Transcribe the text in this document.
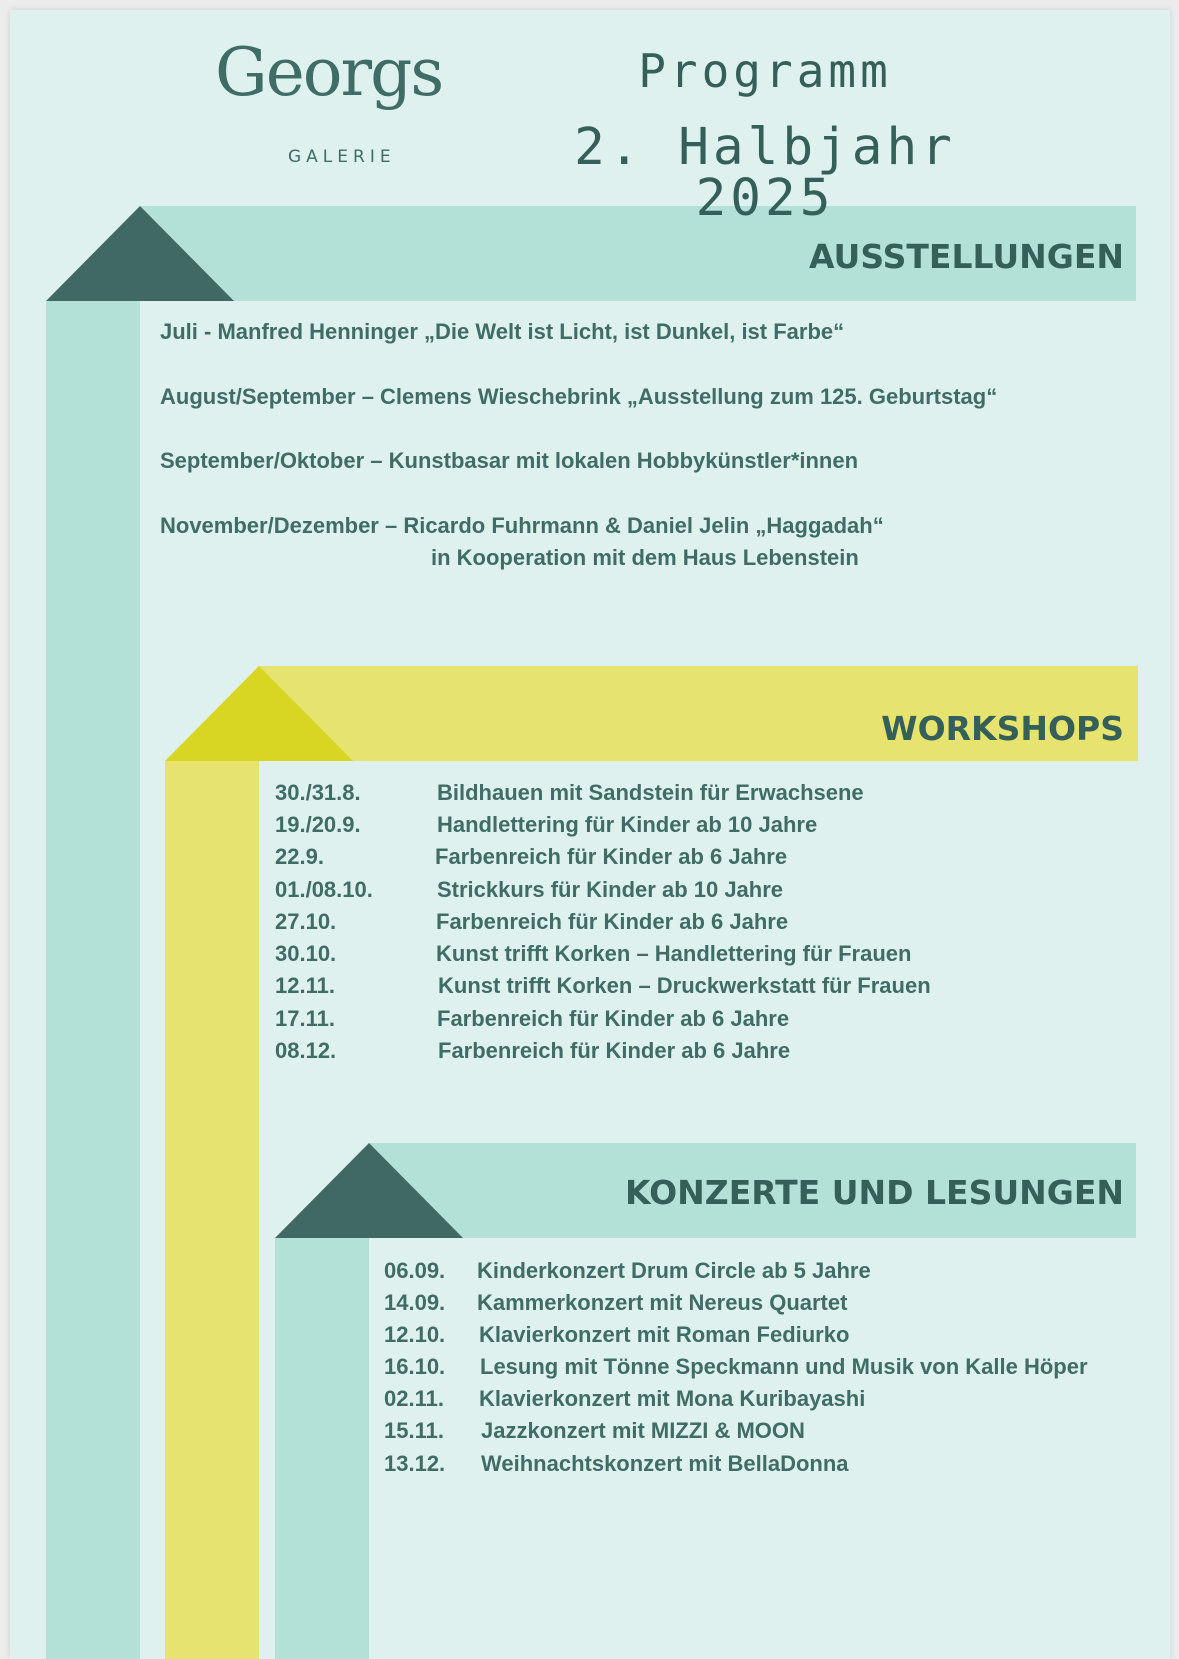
Georgs
GALERIE
Programm
2. Halbjahr 2025
AUSSTELLUNGEN
Juli - Manfred Henninger „Die Welt ist Licht, ist Dunkel, ist Farbe“
August/September – Clemens Wieschebrink „Ausstellung zum 125. Geburtstag“
September/Oktober – Kunstbasar mit lokalen Hobbykünstler*innen
November/Dezember – Ricardo Fuhrmann & Daniel Jelin „Haggadah“
in Kooperation mit dem Haus Lebenstein
WORKSHOPS
30./31.8.	Bildhauen mit Sandstein für Erwachsene
19./20.9.	Handlettering für Kinder ab 10 Jahre
22.9.	Farbenreich für Kinder ab 6 Jahre
01./08.10.	Strickkurs für Kinder ab 10 Jahre
27.10.	Farbenreich für Kinder ab 6 Jahre
30.10.	Kunst trifft Korken – Handlettering für Frauen
12.11.	Kunst trifft Korken – Druckwerkstatt für Frauen
17.11.	Farbenreich für Kinder ab 6 Jahre
08.12.	Farbenreich für Kinder ab 6 Jahre
KONZERTE UND LESUNGEN
06.09. Kinderkonzert Drum Circle ab 5 Jahre
14.09. Kammerkonzert mit Nereus Quartet
12.10. Klavierkonzert mit Roman Fediurko
16.10. Lesung mit Tönne Speckmann und Musik von Kalle Höper
02.11. Klavierkonzert mit Mona Kuribayashi
15.11. Jazzkonzert mit MIZZI & MOON
13.12. Weihnachtskonzert mit BellaDonna
